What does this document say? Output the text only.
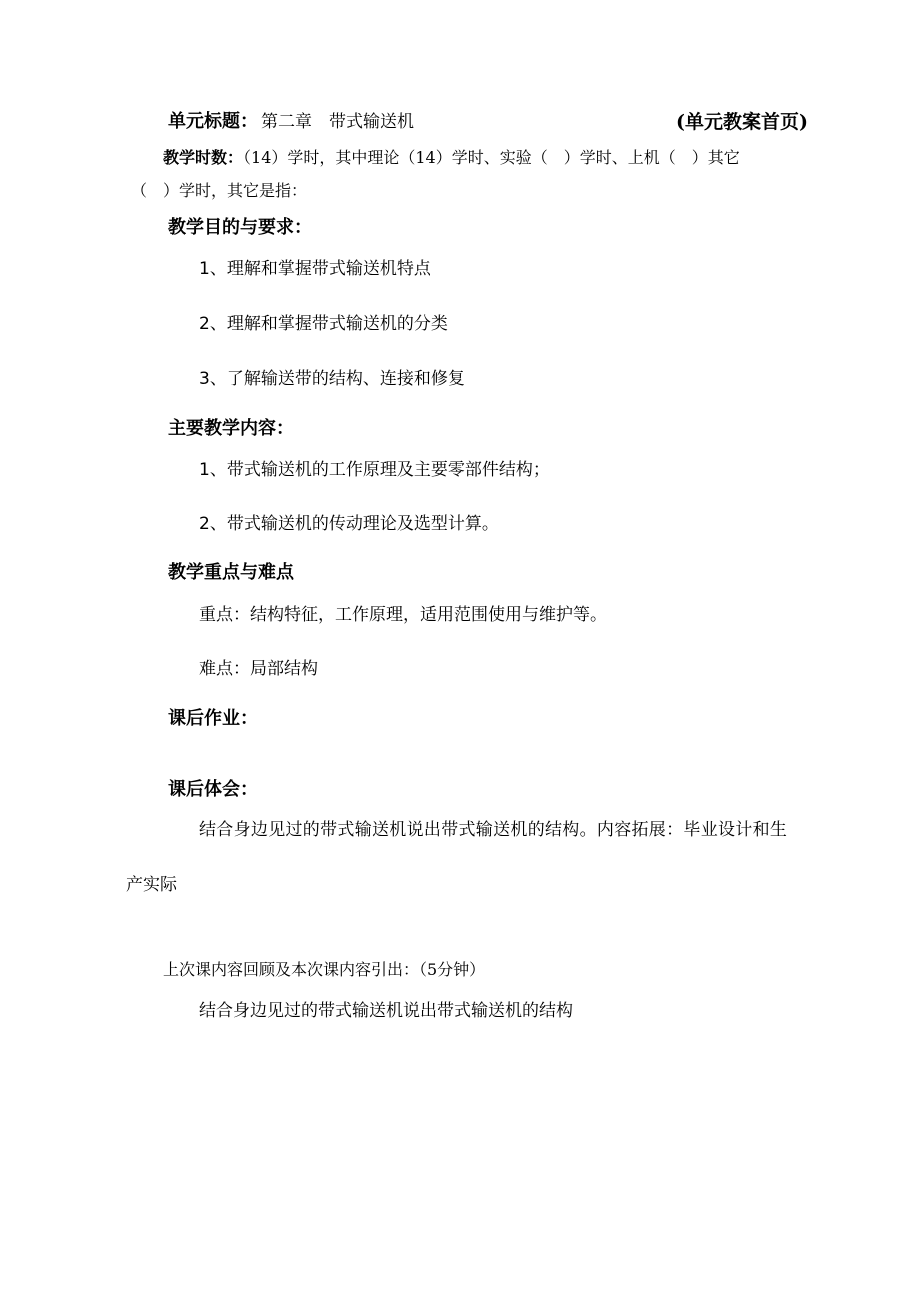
单元标题： 第二章　带式输送机	(单元教案首页)
教学时数：（14）学时，其中理论（14）学时、实验（　）学时、上机（　）其它
（　）学时，其它是指：
教学目的与要求：
1、理解和掌握带式输送机特点
2、理解和掌握带式输送机的分类
3、了解输送带的结构、连接和修复
主要教学内容：
1、带式输送机的工作原理及主要零部件结构；
2、带式输送机的传动理论及选型计算。
教学重点与难点
重点：结构特征，工作原理，适用范围使用与维护等。
难点：局部结构
课后作业：
课后体会：
结合身边见过的带式输送机说出带式输送机的结构。内容拓展：毕业设计和生
产实际
上次课内容回顾及本次课内容引出：（5分钟）
结合身边见过的带式输送机说出带式输送机的结构
